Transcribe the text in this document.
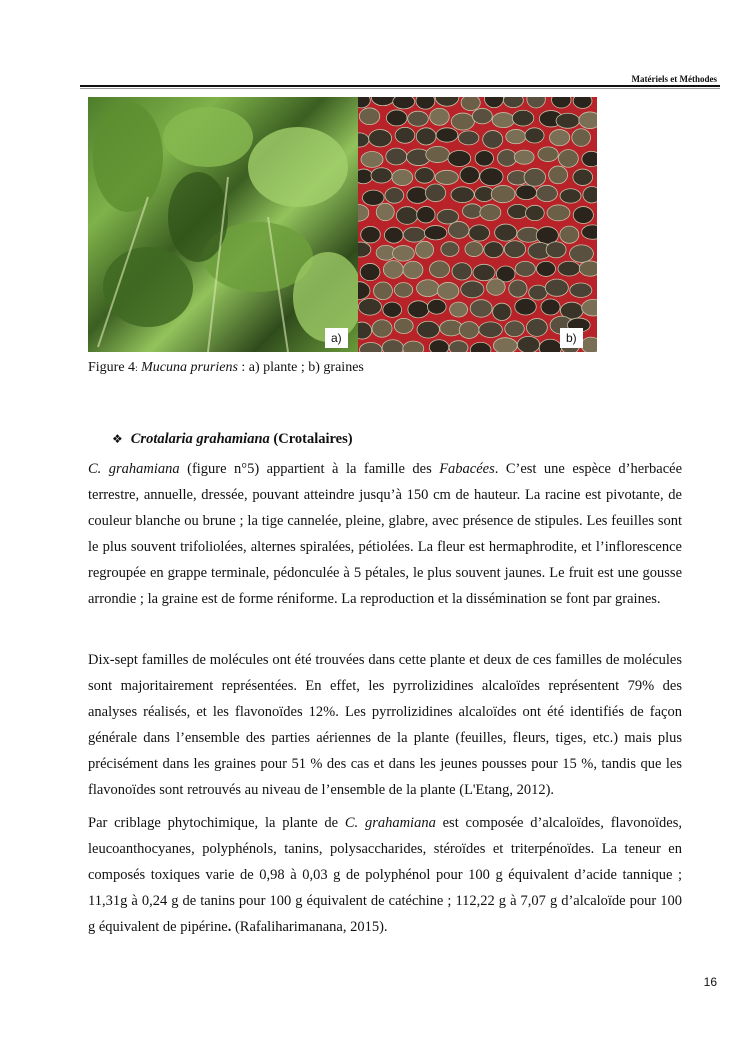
Matériels et Méthodes
a)	b)
Figure 4: Mucuna pruriens : a) plante ; b) graines
❖ Crotalaria grahamiana (Crotalaires)

C. grahamiana (figure n°5) appartient à la famille des Fabacées. C’est une espèce d’herbacée terrestre, annuelle, dressée, pouvant atteindre jusqu’à 150 cm de hauteur. La racine est pivotante, de couleur blanche ou brune ; la tige cannelée, pleine, glabre, avec présence de stipules. Les feuilles sont le plus souvent trifoliolées, alternes spiralées, pétiolées. La fleur est hermaphrodite, et l’inflorescence regroupée en grappe terminale, pédonculée à 5 pétales, le plus souvent jaunes. Le fruit est une gousse arrondie ; la graine est de forme réniforme. La reproduction et la dissémination se font par graines.

Dix-sept familles de molécules ont été trouvées dans cette plante et deux de ces familles de molécules sont majoritairement représentées. En effet, les pyrrolizidines alcaloïdes représentent 79% des analyses réalisés, et les flavonoïdes 12%. Les pyrrolizidines alcaloïdes ont été identifiés de façon générale dans l’ensemble des parties aériennes de la plante (feuilles, fleurs, tiges, etc.) mais plus précisément dans les graines pour 51 % des cas et dans les jeunes pousses pour 15 %, tandis que les flavonoïdes sont retrouvés au niveau de l’ensemble de la plante (L'Etang, 2012).

Par criblage phytochimique, la plante de C. grahamiana est composée d’alcaloïdes, flavonoïdes, leucoanthocyanes, polyphénols, tanins, polysaccharides, stéroïdes et triterpénoïdes. La teneur en composés toxiques varie de 0,98 à 0,03 g de polyphénol pour 100 g équivalent d’acide tannique ; 11,31g à 0,24 g de tanins pour 100 g équivalent de catéchine ; 112,22 g à 7,07 g d’alcaloïde pour 100 g équivalent de pipérine. (Rafaliharimanana, 2015).

16
